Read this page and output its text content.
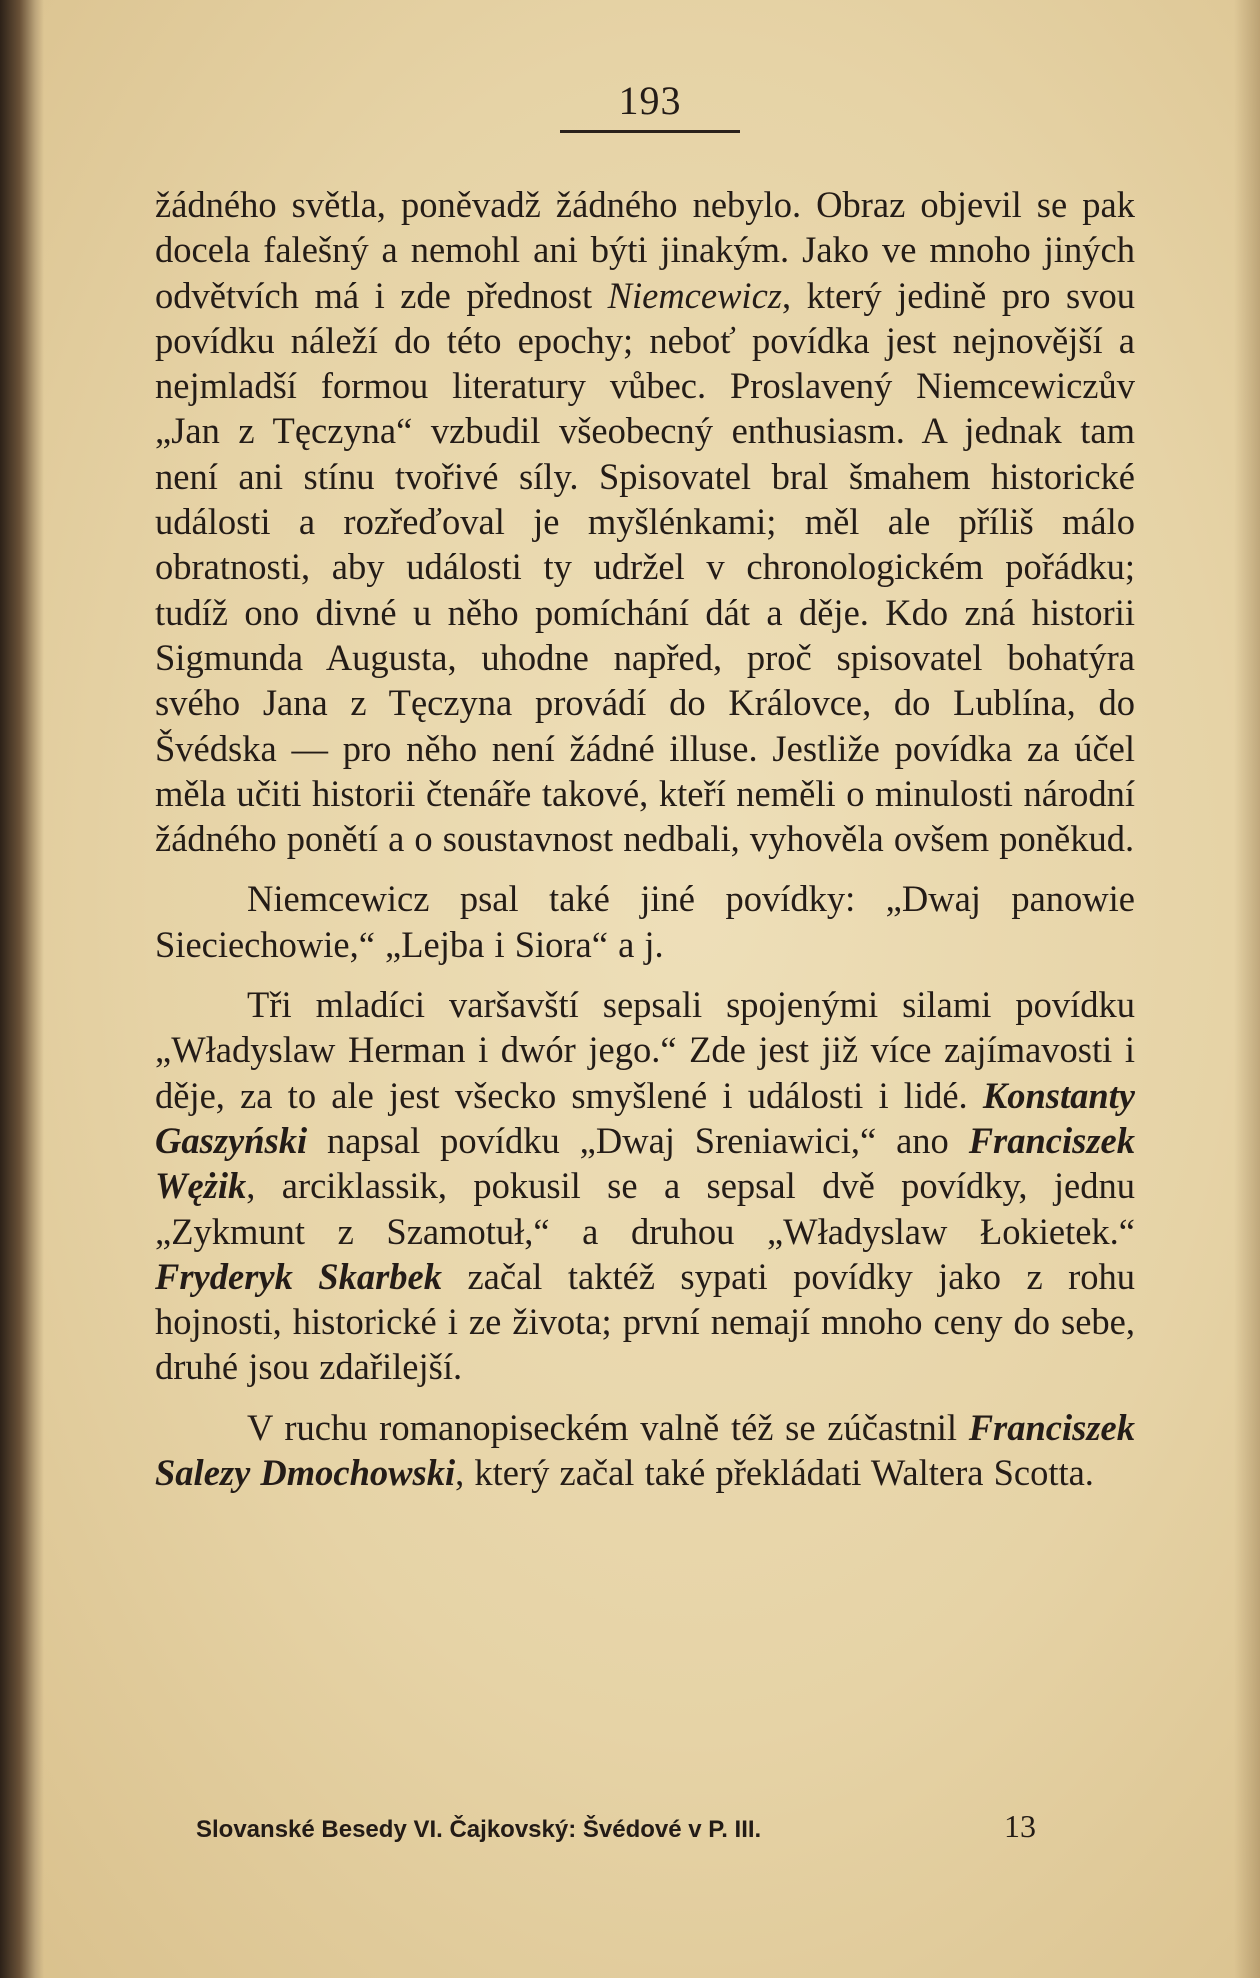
193

žádného světla, poněvadž žádného nebylo. Obraz objevil se pak docela falešný a nemohl ani býti jinakým. Jako ve mnoho jiných odvětvích má i zde přednost Niemcewicz, který jedině pro svou povídku náleží do této epochy; neboť povídka jest nejnovější a nejmladší formou literatury vůbec. Proslavený Niemcewiczův „Jan z Tęczyna“ vzbudil všeobecný enthusiasm. A jednak tam není ani stínu tvořivé síly. Spisovatel bral šmahem historické události a rozřeďoval je myšlénkami; měl ale příliš málo obratnosti, aby události ty udržel v chronologickém pořádku; tudíž ono divné u něho pomíchání dát a děje. Kdo zná historii Sigmunda Augusta, uhodne napřed, proč spisovatel bohatýra svého Jana z Tęczyna provádí do Královce, do Lublína, do Švédska — pro něho není žádné illuse. Jestliže povídka za účel měla učiti historii čtenáře takové, kteří neměli o minulosti národní žádného ponětí a o soustavnost nedbali, vyhověla ovšem poněkud.

Niemcewicz psal také jiné povídky: „Dwaj panowie Sieciechowie,“ „Lejba i Siora“ a j.

Tři mladíci varšavští sepsali spojenými silami povídku „Władyslaw Herman i dwór jego.“ Zde jest již více zajímavosti i děje, za to ale jest všecko smyšlené i události i lidé. Konstanty Gaszyński napsal povídku „Dwaj Sreniawici,“ ano Franciszek Wężik, arciklassik, pokusil se a sepsal dvě povídky, jednu „Zykmunt z Szamotuł,“ a druhou „Władyslaw Łokietek.“ Fryderyk Skarbek začal taktéž sypati povídky jako z rohu hojnosti, historické i ze života; první nemají mnoho ceny do sebe, druhé jsou zdařilejší.

V ruchu romanopiseckém valně též se zúčastnil Franciszek Salezy Dmochowski, který začal také překládati Waltera Scotta.

Slovanské Besedy VI. Čajkovský: Švédové v P. III.	13
